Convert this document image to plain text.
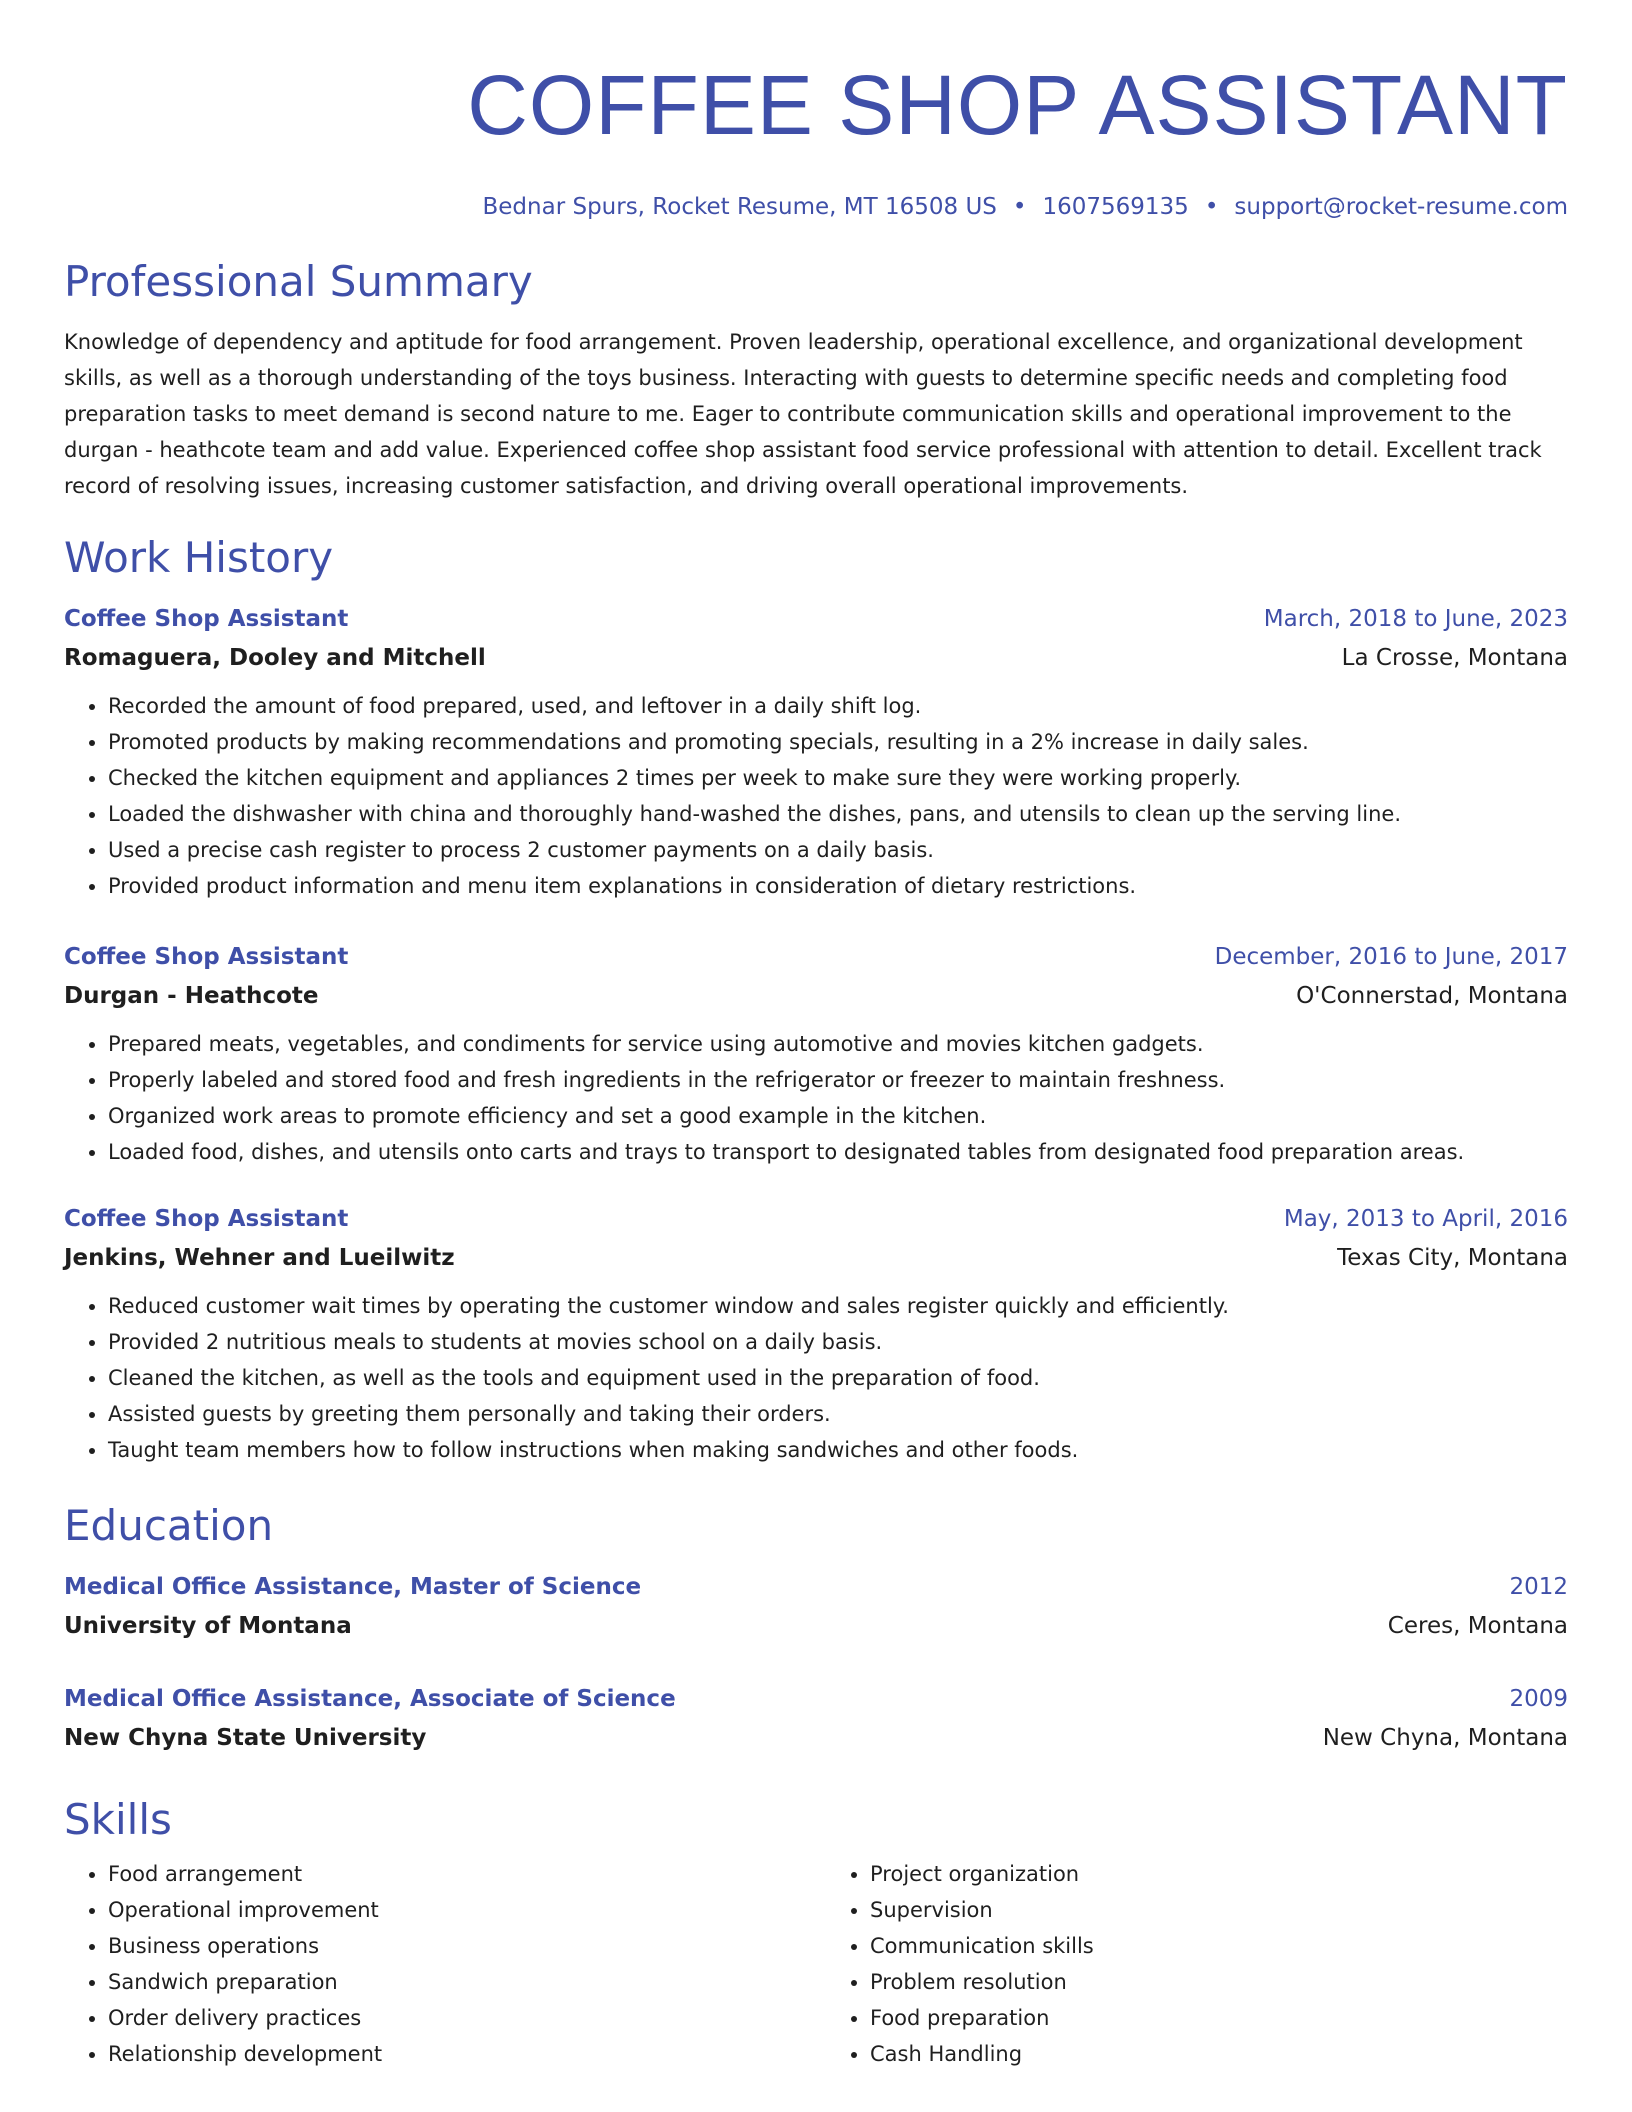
COFFEE SHOP ASSISTANT
Bednar Spurs, Rocket Resume, MT 16508 US • 1607569135 • support@rocket-resume.com
Professional Summary
Knowledge of dependency and aptitude for food arrangement. Proven leadership, operational excellence, and organizational development skills, as well as a thorough understanding of the toys business. Interacting with guests to determine specific needs and completing food preparation tasks to meet demand is second nature to me. Eager to contribute communication skills and operational improvement to the durgan - heathcote team and add value. Experienced coffee shop assistant food service professional with attention to detail. Excellent track record of resolving issues, increasing customer satisfaction, and driving overall operational improvements.
Work History
Coffee Shop Assistant	March, 2018 to June, 2023
Romaguera, Dooley and Mitchell	La Crosse, Montana
• Recorded the amount of food prepared, used, and leftover in a daily shift log.
• Promoted products by making recommendations and promoting specials, resulting in a 2% increase in daily sales.
• Checked the kitchen equipment and appliances 2 times per week to make sure they were working properly.
• Loaded the dishwasher with china and thoroughly hand-washed the dishes, pans, and utensils to clean up the serving line.
• Used a precise cash register to process 2 customer payments on a daily basis.
• Provided product information and menu item explanations in consideration of dietary restrictions.
Coffee Shop Assistant	December, 2016 to June, 2017
Durgan - Heathcote	O'Connerstad, Montana
• Prepared meats, vegetables, and condiments for service using automotive and movies kitchen gadgets.
• Properly labeled and stored food and fresh ingredients in the refrigerator or freezer to maintain freshness.
• Organized work areas to promote efficiency and set a good example in the kitchen.
• Loaded food, dishes, and utensils onto carts and trays to transport to designated tables from designated food preparation areas.
Coffee Shop Assistant	May, 2013 to April, 2016
Jenkins, Wehner and Lueilwitz	Texas City, Montana
• Reduced customer wait times by operating the customer window and sales register quickly and efficiently.
• Provided 2 nutritious meals to students at movies school on a daily basis.
• Cleaned the kitchen, as well as the tools and equipment used in the preparation of food.
• Assisted guests by greeting them personally and taking their orders.
• Taught team members how to follow instructions when making sandwiches and other foods.
Education
Medical Office Assistance, Master of Science	2012
University of Montana	Ceres, Montana
Medical Office Assistance, Associate of Science	2009
New Chyna State University	New Chyna, Montana
Skills
• Food arrangement
• Operational improvement
• Business operations
• Sandwich preparation
• Order delivery practices
• Relationship development
• Project organization
• Supervision
• Communication skills
• Problem resolution
• Food preparation
• Cash Handling
